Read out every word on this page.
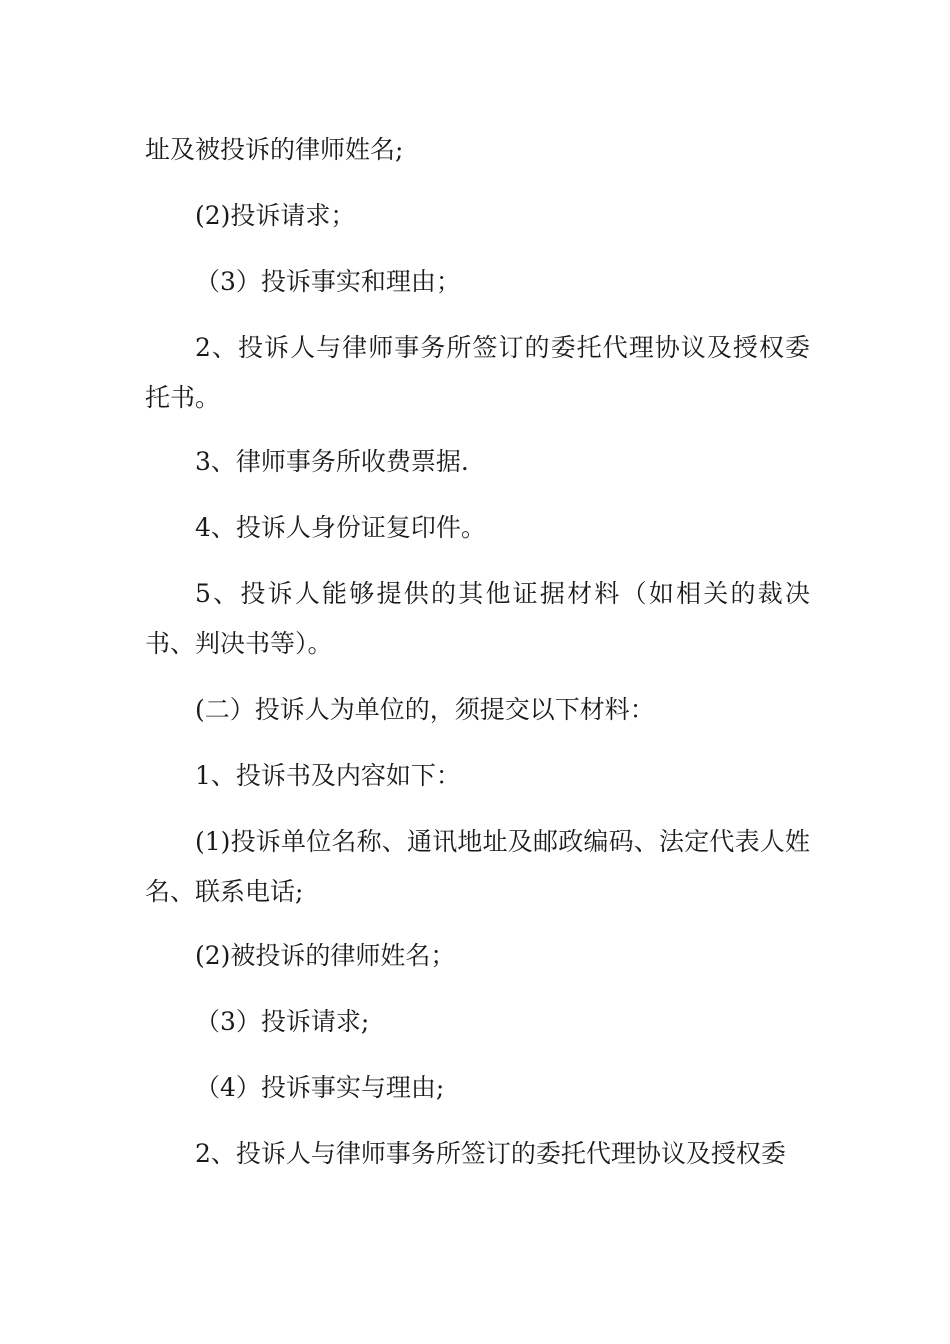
址及被投诉的律师姓名;
(2)投诉请求；
（3）投诉事实和理由；
2、投诉人与律师事务所签订的委托代理协议及授权委托书。
3、律师事务所收费票据.
4、投诉人身份证复印件。
5、投诉人能够提供的其他证据材料（如相关的裁决书、判决书等）。
(二）投诉人为单位的，须提交以下材料：
1、投诉书及内容如下：
(1)投诉单位名称、通讯地址及邮政编码、法定代表人姓名、联系电话;
(2)被投诉的律师姓名；
（3）投诉请求;
（4）投诉事实与理由;
2、投诉人与律师事务所签订的委托代理协议及授权委
